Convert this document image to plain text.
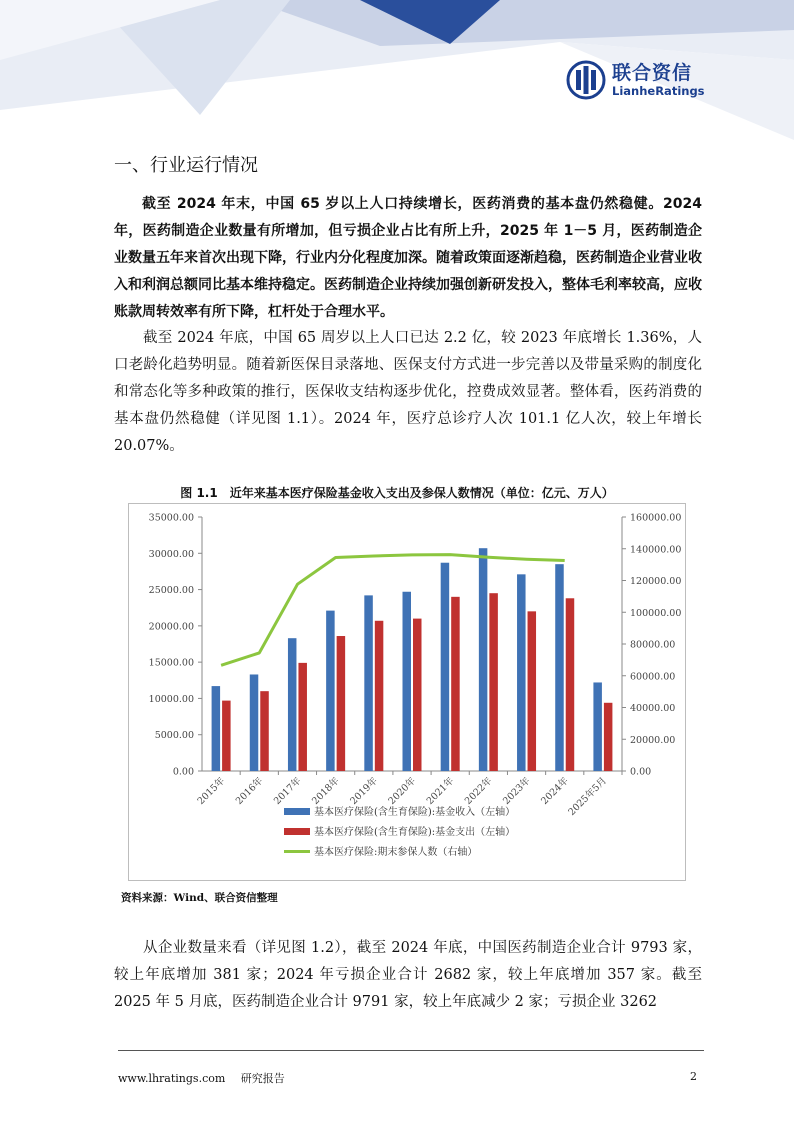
联合资信
LianheRatings
一、行业运行情况

截至 2024 年末，中国 65 岁以上人口持续增长，医药消费的基本盘仍然稳健。2024 年，医药制造企业数量有所增加，但亏损企业占比有所上升，2025 年 1－5 月，医药制造企业数量五年来首次出现下降，行业内分化程度加深。随着政策面逐渐趋稳，医药制造企业营业收入和利润总额同比基本维持稳定。医药制造企业持续加强创新研发投入，整体毛利率较高，应收账款周转效率有所下降，杠杆处于合理水平。

截至 2024 年底，中国 65 周岁以上人口已达 2.2 亿，较 2023 年底增长 1.36%，人口老龄化趋势明显。随着新医保目录落地、医保支付方式进一步完善以及带量采购的制度化和常态化等多种政策的推行，医保收支结构逐步优化，控费成效显著。整体看，医药消费的基本盘仍然稳健（详见图 1.1）。2024 年，医疗总诊疗人次 101.1 亿人次，较上年增长 20.07%。

图 1.1　近年来基本医疗保险基金收入支出及参保人数情况（单位：亿元、万人）
35000.00
30000.00
25000.00
20000.00
15000.00
10000.00
5000.00
0.00
160000.00
140000.00
120000.00
100000.00
80000.00
60000.00
40000.00
20000.00
0.00
2015年 2016年 2017年 2018年 2019年 2020年 2021年 2022年 2023年 2024年
2025年5月
基本医疗保险(含生育保险):基金收入（左轴）
基本医疗保险(含生育保险):基金支出（左轴）
基本医疗保险:期末参保人数（右轴）
资料来源：Wind、联合资信整理

从企业数量来看（详见图 1.2），截至 2024 年底，中国医药制造企业合计 9793 家，较上年底增加 381 家；2024 年亏损企业合计 2682 家，较上年底增加 357 家。截至 2025 年 5 月底，医药制造企业合计 9791 家，较上年底减少 2 家；亏损企业 3262

www.lhratings.com 研究报告	2
